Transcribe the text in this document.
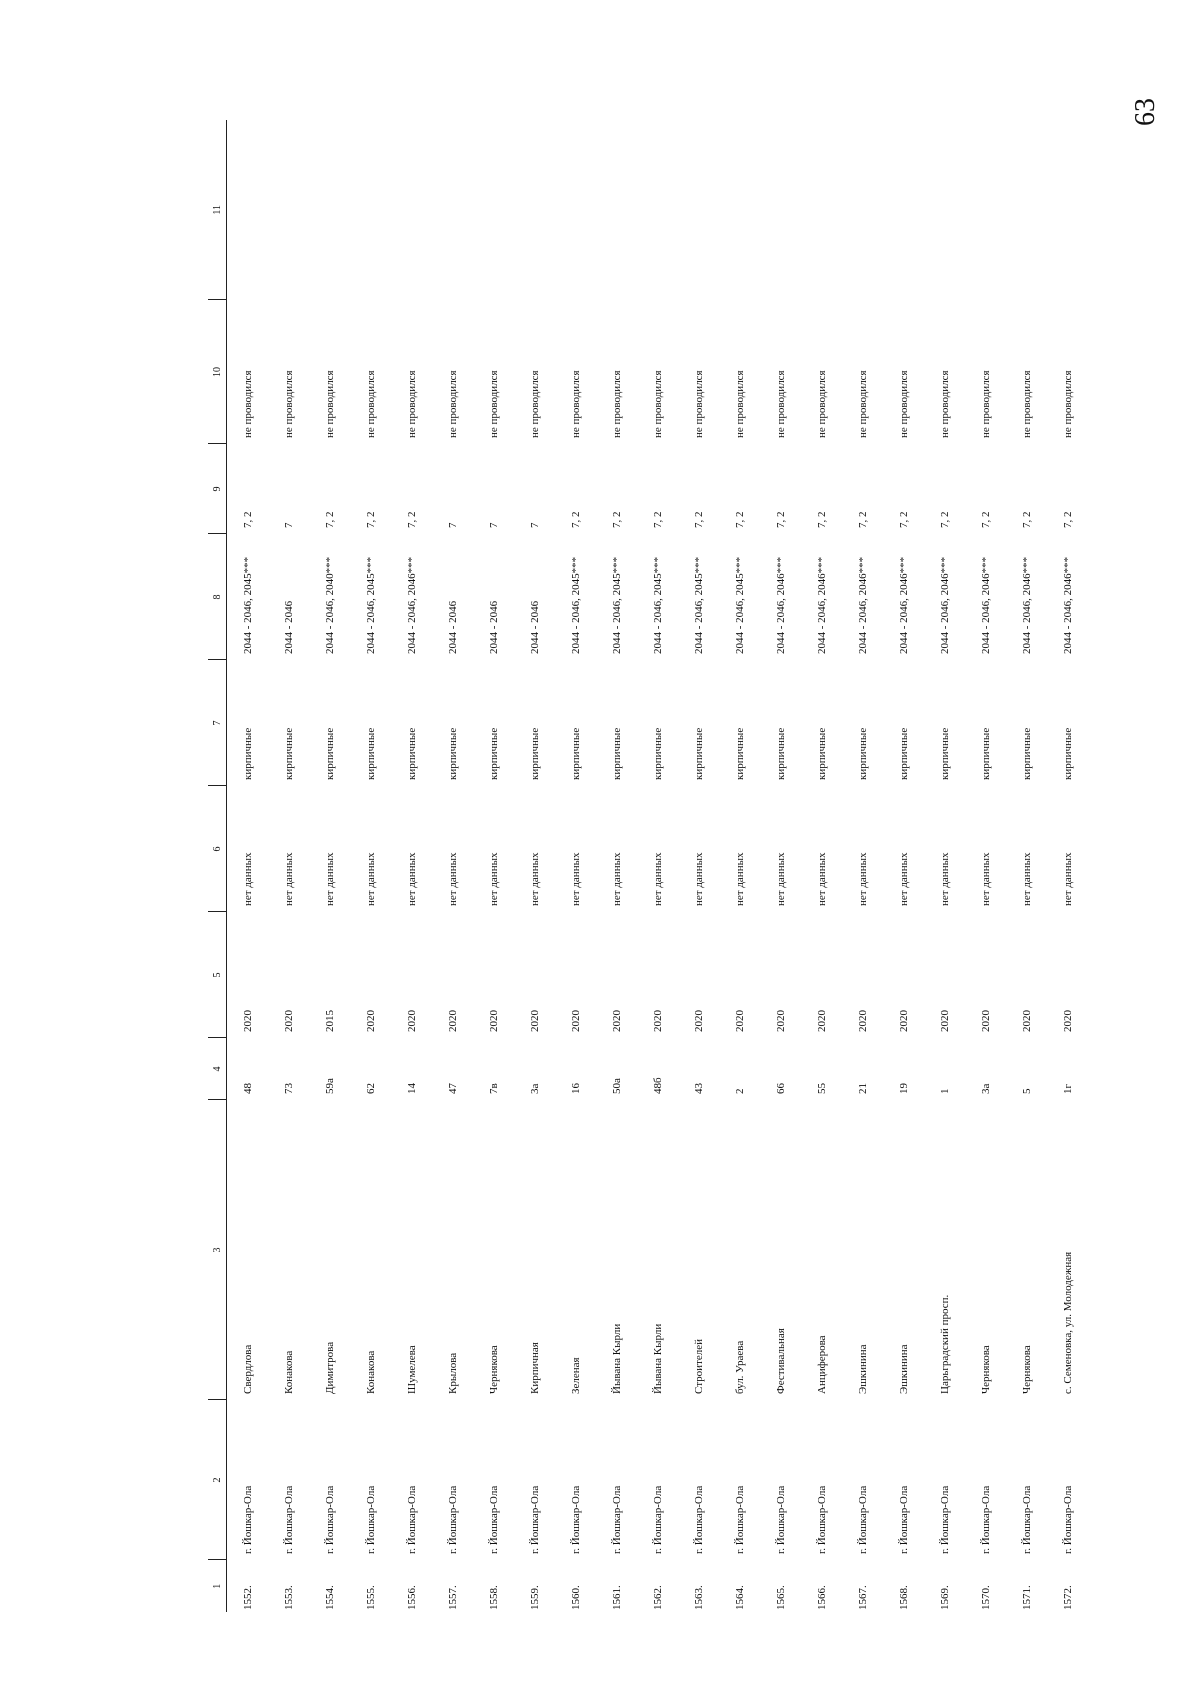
63
1	2	3	4	5	6	7	8	9	10	11
1552.	г. Йошкар-Ола	Свердлова	48	2020	нет данных	кирпичные	2044 - 2046, 2045***	7, 2	не проводился	
1553.	г. Йошкар-Ола	Конакова	73	2020	нет данных	кирпичные	2044 - 2046	7	не проводился	
1554.	г. Йошкар-Ола	Димитрова	59а	2015	нет данных	кирпичные	2044 - 2046, 2040***	7, 2	не проводился	
1555.	г. Йошкар-Ола	Конакова	62	2020	нет данных	кирпичные	2044 - 2046, 2045***	7, 2	не проводился	
1556.	г. Йошкар-Ола	Шумелева	14	2020	нет данных	кирпичные	2044 - 2046, 2046***	7, 2	не проводился	
1557.	г. Йошкар-Ола	Крылова	47	2020	нет данных	кирпичные	2044 - 2046	7	не проводился	
1558.	г. Йошкар-Ола	Чернякова	7в	2020	нет данных	кирпичные	2044 - 2046	7	не проводился	
1559.	г. Йошкар-Ола	Кирпичная	3а	2020	нет данных	кирпичные	2044 - 2046	7	не проводился	
1560.	г. Йошкар-Ола	Зеленая	16	2020	нет данных	кирпичные	2044 - 2046, 2045***	7, 2	не проводился	
1561.	г. Йошкар-Ола	Йывана Кырли	50а	2020	нет данных	кирпичные	2044 - 2046, 2045***	7, 2	не проводился	
1562.	г. Йошкар-Ола	Йывана Кырли	48б	2020	нет данных	кирпичные	2044 - 2046, 2045***	7, 2	не проводился	
1563.	г. Йошкар-Ола	Строителей	43	2020	нет данных	кирпичные	2044 - 2046, 2045***	7, 2	не проводился	
1564.	г. Йошкар-Ола	бул. Ураева	2	2020	нет данных	кирпичные	2044 - 2046, 2045***	7, 2	не проводился	
1565.	г. Йошкар-Ола	Фестивальная	66	2020	нет данных	кирпичные	2044 - 2046, 2046***	7, 2	не проводился	
1566.	г. Йошкар-Ола	Анциферова	55	2020	нет данных	кирпичные	2044 - 2046, 2046***	7, 2	не проводился	
1567.	г. Йошкар-Ола	Эшкинина	21	2020	нет данных	кирпичные	2044 - 2046, 2046***	7, 2	не проводился	
1568.	г. Йошкар-Ола	Эшкинина	19	2020	нет данных	кирпичные	2044 - 2046, 2046***	7, 2	не проводился	
1569.	г. Йошкар-Ола	Царьградский просп.	1	2020	нет данных	кирпичные	2044 - 2046, 2046***	7, 2	не проводился	
1570.	г. Йошкар-Ола	Чернякова	3а	2020	нет данных	кирпичные	2044 - 2046, 2046***	7, 2	не проводился	
1571.	г. Йошкар-Ола	Чернякова	5	2020	нет данных	кирпичные	2044 - 2046, 2046***	7, 2	не проводился	
1572.	г. Йошкар-Ола	с. Семеновка, ул. Молодежная	1г	2020	нет данных	кирпичные	2044 - 2046, 2046***	7, 2	не проводился	
